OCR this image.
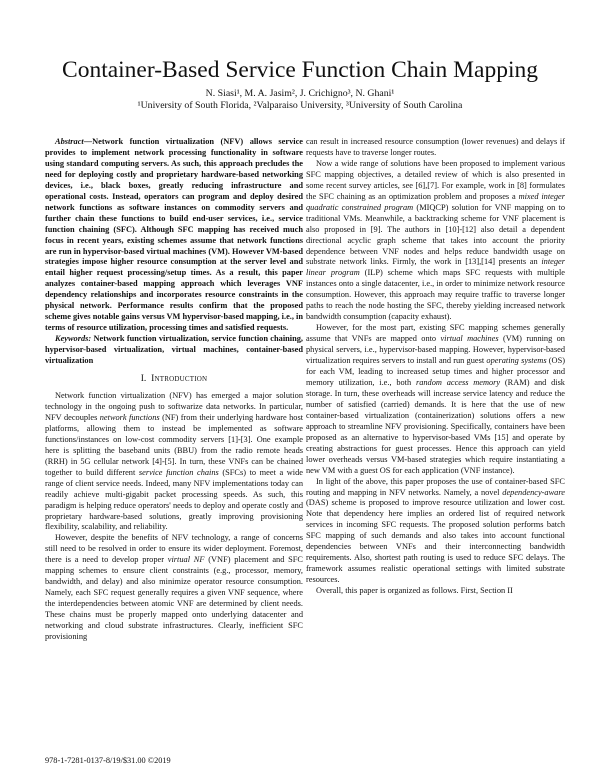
Container-Based Service Function Chain Mapping
N. Siasi¹, M. A. Jasim², J. Crichigno³, N. Ghani¹
¹University of South Florida, ²Valparaiso University, ³University of South Carolina

Abstract—Network function virtualization (NFV) allows service provides to implement network processing functionality in software using standard computing servers. As such, this approach precludes the need for deploying costly and proprietary hardware-based networking devices, i.e., black boxes, greatly reducing infrastructure and operational costs. Instead, operators can program and deploy desired network functions as software instances on commodity servers and further chain these functions to build end-user services, i.e., service function chaining (SFC). Although SFC mapping has received much focus in recent years, existing schemes assume that network functions are run in hypervisor-based virtual machines (VM). However VM-based strategies impose higher resource consumption at the server level and entail higher request processing/setup times. As a result, this paper analyzes container-based mapping approach which leverages VNF dependency relationships and incorporates resource constraints in the physical network. Performance results confirm that the proposed scheme gives notable gains versus VM hypervisor-based mapping, i.e., in terms of resource utilization, processing times and satisfied requests.

Keywords: Network function virtualization, service function chaining, hypervisor-based virtualization, virtual machines, container-based virtualization

I. Introduction

Network function virtualization (NFV) has emerged a major solution technology in the ongoing push to softwarize data networks. In particular, NFV decouples network functions (NF) from their underlying hardware host platforms, allowing them to instead be implemented as software functions/instances on low-cost commodity servers [1]-[3]. One example here is splitting the baseband units (BBU) from the radio remote heads (RRH) in 5G cellular network [4]-[5]. In turn, these VNFs can be chained together to build different service function chains (SFCs) to meet a wide range of client service needs. Indeed, many NFV implementations today can readily achieve multi-gigabit packet processing speeds. As such, this paradigm is helping reduce operators' needs to deploy and operate costly and proprietary hardware-based solutions, greatly improving provisioning flexibility, scalability, and reliability.

However, despite the benefits of NFV technology, a range of concerns still need to be resolved in order to ensure its wider deployment. Foremost, there is a need to develop proper virtual NF (VNF) placement and SFC mapping schemes to ensure client constraints (e.g., processor, memory, bandwidth, and delay) and also minimize operator resource consumption. Namely, each SFC request generally requires a given VNF sequence, where the interdependencies between atomic VNF are determined by client needs. These chains must be properly mapped onto underlying datacenter and networking and cloud substrate infrastructures. Clearly, inefficient SFC provisioning

can result in increased resource consumption (lower revenues) and delays if requests have to traverse longer routes.

Now a wide range of solutions have been proposed to implement various SFC mapping objectives, a detailed review of which is also presented in some recent survey articles, see [6],[7]. For example, work in [8] formulates the SFC chaining as an optimization problem and proposes a mixed integer quadratic constrained program (MIQCP) solution for VNF mapping on to traditional VMs. Meanwhile, a backtracking scheme for VNF placement is also proposed in [9]. The authors in [10]-[12] also detail a dependent directional acyclic graph scheme that takes into account the priority dependence between VNF nodes and helps reduce bandwidth usage on substrate network links. Firmly, the work in [13],[14] presents an integer linear program (ILP) scheme which maps SFC requests with multiple instances onto a single datacenter, i.e., in order to minimize network resource consumption. However, this approach may require traffic to traverse longer paths to reach the node hosting the SFC, thereby yielding increased network bandwidth consumption (capacity exhaust).

However, for the most part, existing SFC mapping schemes generally assume that VNFs are mapped onto virtual machines (VM) running on physical servers, i.e., hypervisor-based mapping. However, hypervisor-based virtualization requires servers to install and run guest operating systems (OS) for each VM, leading to increased setup times and higher processor and memory utilization, i.e., both random access memory (RAM) and disk storage. In turn, these overheads will increase service latency and reduce the number of satisfied (carried) demands. It is here that the use of new container-based virtualization (containerization) solutions offers a new approach to streamline NFV provisioning. Specifically, containers have been proposed as an alternative to hypervisor-based VMs [15] and operate by creating abstractions for guest processes. Hence this approach can yield lower overheads versus VM-based strategies which require instantiating a new VM with a guest OS for each application (VNF instance).

In light of the above, this paper proposes the use of container-based SFC routing and mapping in NFV networks. Namely, a novel dependency-aware (DAS) scheme is proposed to improve resource utilization and lower cost. Note that dependency here implies an ordered list of required network services in incoming SFC requests. The proposed solution performs batch SFC mapping of such demands and also takes into account functional dependencies between VNFs and their interconnecting bandwidth requirements. Also, shortest path routing is used to reduce SFC delays. The framework assumes realistic operational settings with limited substrate resources.

Overall, this paper is organized as follows. First, Section II

978-1-7281-0137-8/19/$31.00 ©2019
